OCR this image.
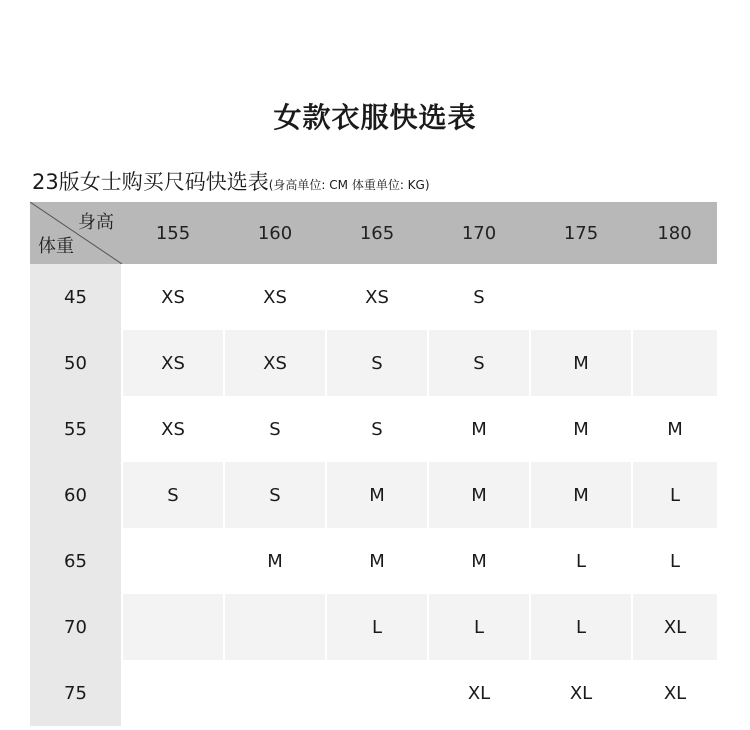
女款衣服快选表
23版女士购买尺码快选表(身高单位: CM 体重单位: KG)
身高
体重	155	160	165	170	175	180
45	XS	XS	XS	S		
50	XS	XS	S	S	M	
55	XS	S	S	M	M	M
60	S	S	M	M	M	L
65		M	M	M	L	L
70			L	L	L	XL
75				XL	XL	XL
